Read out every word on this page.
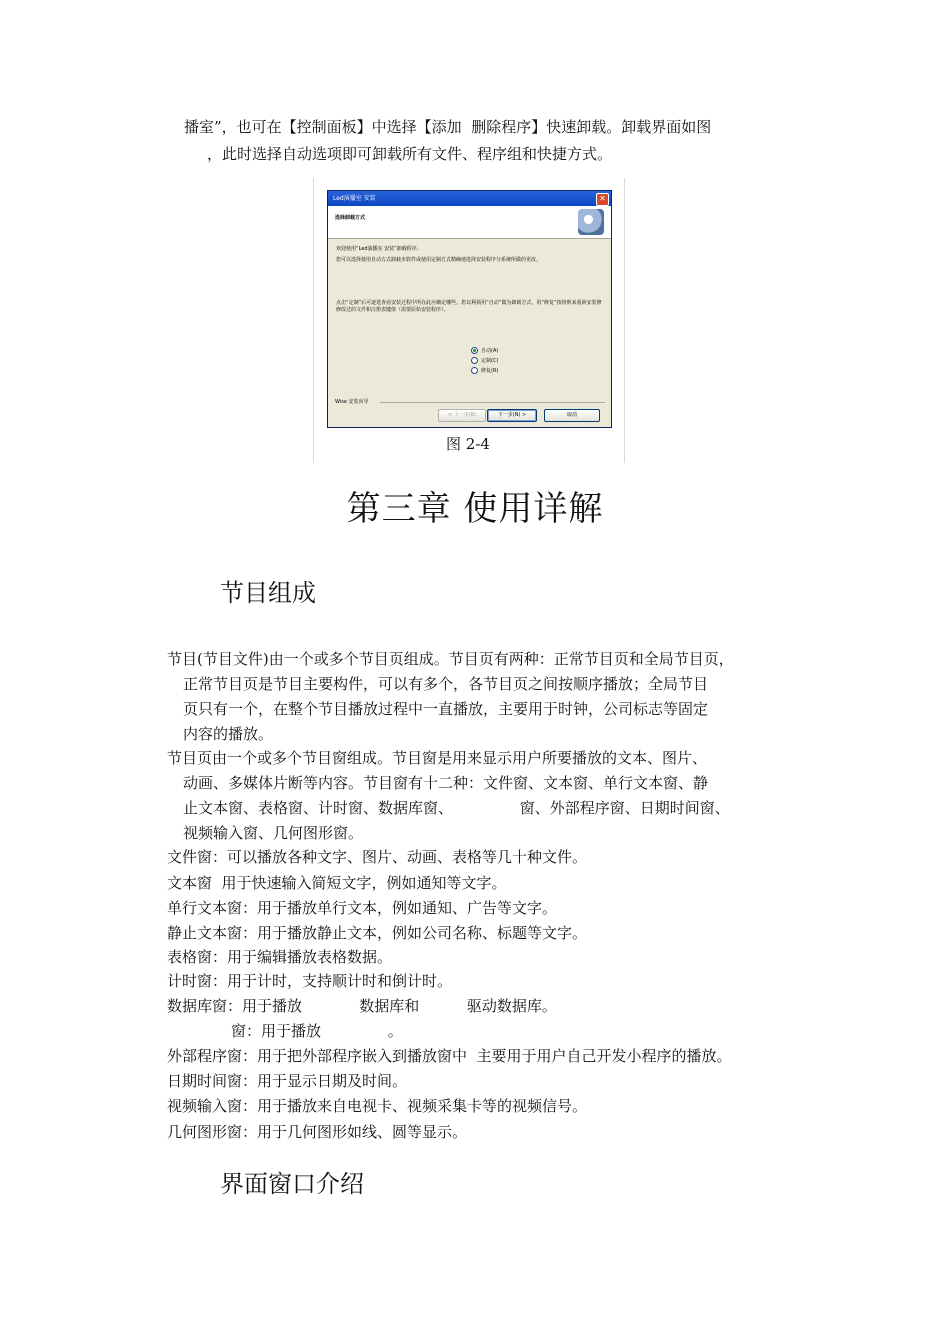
播室”，也可在【控制面板】中选择【添加  删除程序】快速卸载。卸载界面如图
，此时选择自动选项即可卸载所有文件、程序组和快捷方式。
Led演播室 安装	✕
选择卸载方式
欢迎使用“Led演播室 安装”卸载程序。
您可以选择使用自动方式卸载本软件或使用定制方式精确地选择安装程序分系统所做的更改。
点击“定制”后可逐选查看安装过程中所在此应确定哪些。您以利须用“自动”做为卸载方式。用“修复”按钮则来重新安装修修改过的文件和注册表键值（需要原始安装程序）。
自动(A)
定制(C)
修复(R)
Wise 安装向导
< 上一步(B)	下一步(N) >	取消
图 2-4
第三章 使用详解
节目组成
节目(节目文件)由一个或多个节目页组成。节目页有两种：正常节目页和全局节目页，
正常节目页是节目主要构件，可以有多个，各节目页之间按顺序播放；全局节目
页只有一个，在整个节目播放过程中一直播放，主要用于时钟，公司标志等固定
内容的播放。
节目页由一个或多个节目窗组成。节目窗是用来显示用户所要播放的文本、图片、
动画、多媒体片断等内容。节目窗有十二种：文件窗、文本窗、单行文本窗、静
止文本窗、表格窗、计时窗、数据库窗、              窗、外部程序窗、日期时间窗、
视频输入窗、几何图形窗。
文件窗：可以播放各种文字、图片、动画、表格等几十种文件。
文本窗  用于快速输入简短文字，例如通知等文字。
单行文本窗：用于播放单行文本，例如通知、广告等文字。
静止文本窗：用于播放静止文本，例如公司名称、标题等文字。
表格窗：用于编辑播放表格数据。
计时窗：用于计时，支持顺计时和倒计时。
数据库窗：用于播放            数据库和          驱动数据库。
窗：用于播放              。
外部程序窗：用于把外部程序嵌入到播放窗中  主要用于用户自己开发小程序的播放。
日期时间窗：用于显示日期及时间。
视频输入窗：用于播放来自电视卡、视频采集卡等的视频信号。
几何图形窗：用于几何图形如线、圆等显示。
界面窗口介绍
